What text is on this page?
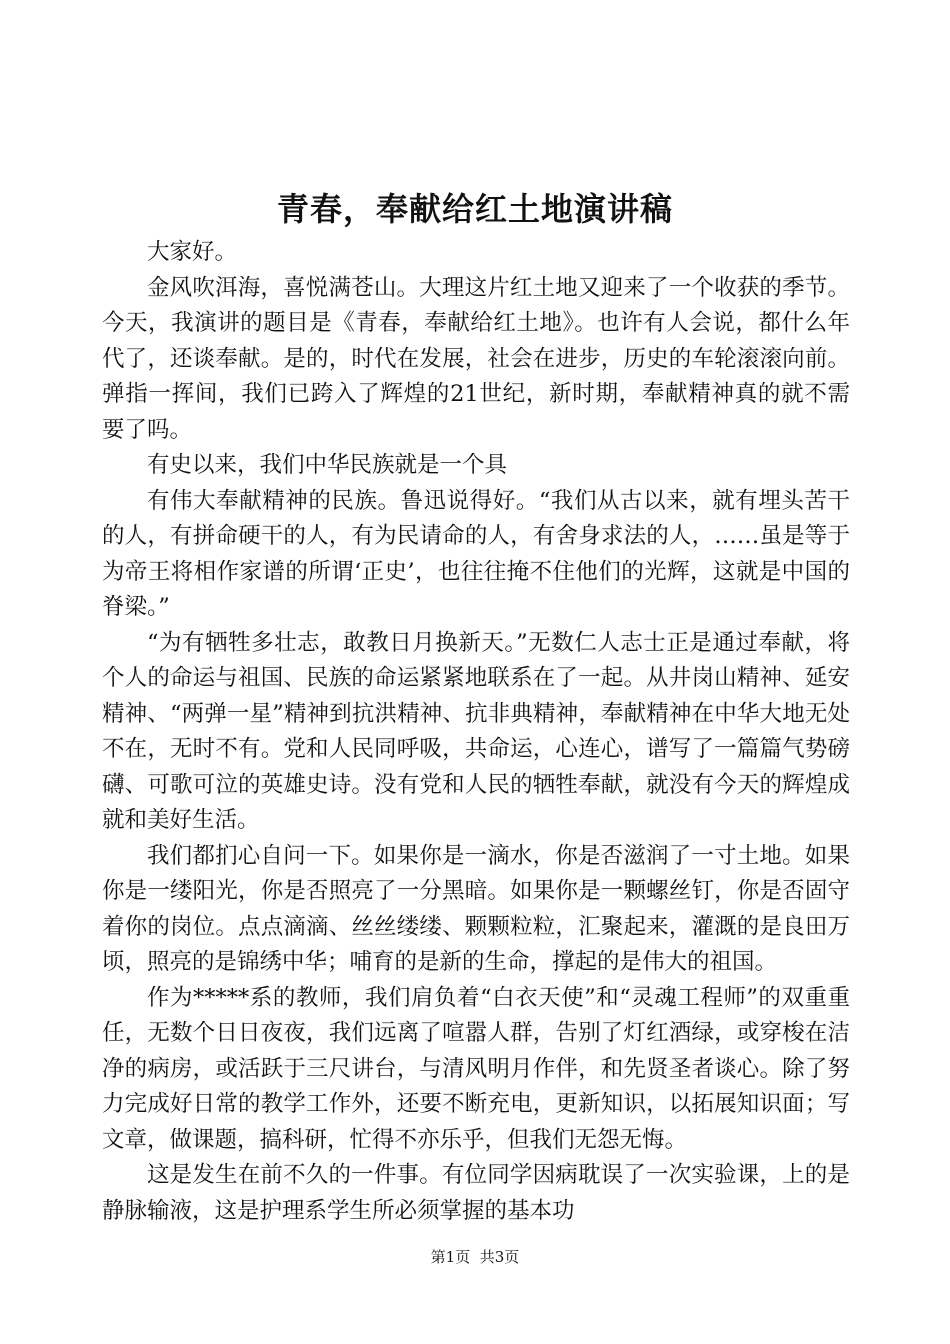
青春，奉献给红土地演讲稿

大家好。

金风吹洱海，喜悦满苍山。大理这片红土地又迎来了一个收获的季节。今天，我演讲的题目是《青春，奉献给红土地》。也许有人会说，都什么年代了，还谈奉献。是的，时代在发展，社会在进步，历史的车轮滚滚向前。弹指一挥间，我们已跨入了辉煌的21世纪，新时期，奉献精神真的就不需要了吗。

有史以来，我们中华民族就是一个具

有伟大奉献精神的民族。鲁迅说得好。“我们从古以来，就有埋头苦干的人，有拼命硬干的人，有为民请命的人，有舍身求法的人，……虽是等于为帝王将相作家谱的所谓‘正史’，也往往掩不住他们的光辉，这就是中国的脊梁。”

“为有牺牲多壮志，敢教日月换新天。”无数仁人志士正是通过奉献，将个人的命运与祖国、民族的命运紧紧地联系在了一起。从井岗山精神、延安精神、“两弹一星”精神到抗洪精神、抗非典精神，奉献精神在中华大地无处不在，无时不有。党和人民同呼吸，共命运，心连心，谱写了一篇篇气势磅礴、可歌可泣的英雄史诗。没有党和人民的牺牲奉献，就没有今天的辉煌成就和美好生活。

我们都扪心自问一下。如果你是一滴水，你是否滋润了一寸土地。如果你是一缕阳光，你是否照亮了一分黑暗。如果你是一颗螺丝钉，你是否固守着你的岗位。点点滴滴、丝丝缕缕、颗颗粒粒，汇聚起来，灌溉的是良田万顷，照亮的是锦绣中华；哺育的是新的生命，撑起的是伟大的祖国。

作为*****系的教师，我们肩负着“白衣天使”和“灵魂工程师”的双重重任，无数个日日夜夜，我们远离了喧嚣人群，告别了灯红酒绿，或穿梭在洁净的病房，或活跃于三尺讲台，与清风明月作伴，和先贤圣者谈心。除了努力完成好日常的教学工作外，还要不断充电，更新知识，以拓展知识面；写文章，做课题，搞科研，忙得不亦乐乎，但我们无怨无悔。

这是发生在前不久的一件事。有位同学因病耽误了一次实验课，上的是静脉输液，这是护理系学生所必须掌握的基本功

第1页 共3页
